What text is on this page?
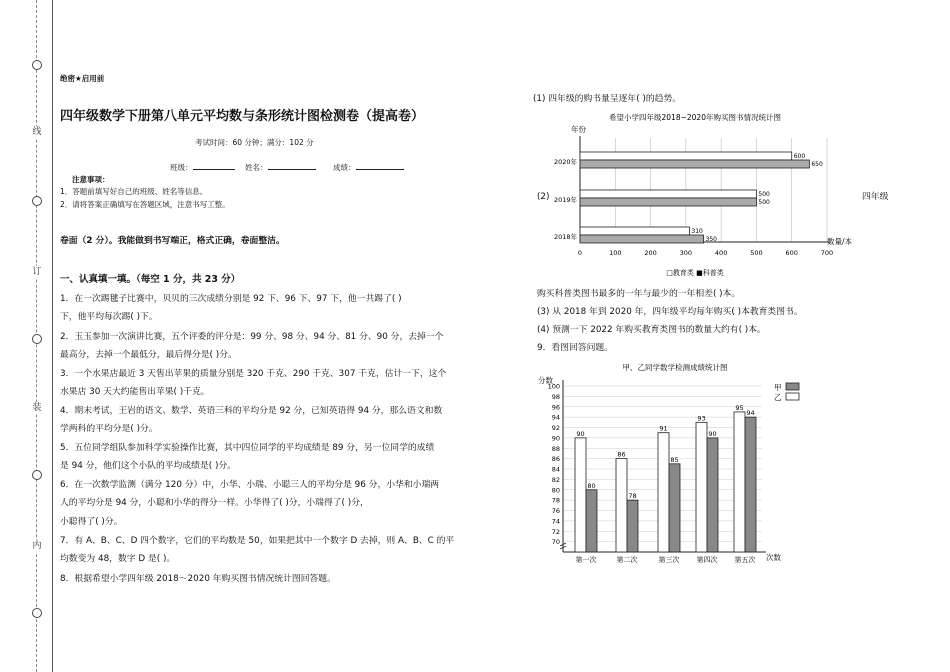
线
订
装
内
绝密★启用前
四年级数学下册第八单元平均数与条形统计图检测卷（提高卷）
考试时间：60 分钟；满分：102 分
班级：	姓名：	成绩：
注意事项：
1．答题前填写好自己的班级、姓名等信息。
2．请将答案正确填写在答题区域，注意书写工整。
卷面（2 分）。我能做到书写端正，格式正确，卷面整洁。
一、认真填一填。（每空 1 分，共 23 分）
1．在一次踢毽子比赛中，贝贝的三次成绩分别是 92 下、96 下、97 下，他一共踢了( )
下，他平均每次踢( )下。
2．玉玉参加一次演讲比赛，五个评委的评分是：99 分、98 分、94 分、81 分、90 分，去掉一个
最高分，去掉一个最低分，最后得分是( )分。
3．一个水果店最近 3 天售出苹果的质量分别是 320 千克、290 千克、307 千克，估计一下，这个
水果店 30 天大约能售出苹果( )千克。
4．期末考试，王岩的语文、数学、英语三科的平均分是 92 分，已知英语得 94 分，那么语文和数
学两科的平均分是( )分。
5．五位同学组队参加科学实验操作比赛，其中四位同学的平均成绩是 89 分，另一位同学的成绩
是 94 分，他们这个小队的平均成绩是( )分。
6．在一次数学监测（满分 120 分）中，小华、小瑞、小聪三人的平均分是 96 分，小华和小瑞两
人的平均分是 94 分，小聪和小华的得分一样。小华得了( )分，小瑞得了( )分，
小聪得了( )分。
7．有 A、B、C、D 四个数字，它们的平均数是 50，如果把其中一个数字 D 去掉，则 A、B、C 的平
均数变为 48，数字 D 是( )。
8．根据希望小学四年级 2018～2020 年购买图书情况统计图回答题。
(1) 四年级的购书量呈逐年( )的趋势。
希望小学四年级2018~2020年购买图书情况统计图
年份
0	100	200	300	400	500	600	700
数量/本
2020年
600
650
2019年
500
500
2018年
310
350
□教育类 ■科普类
(2)	四年级
购买科普类图书最多的一年与最少的一年相差( )本。
(3) 从 2018 年到 2020 年，四年级平均每年购买( )本教育类图书。
(4) 预测一下 2022 年购买教育类图书的数量大约有( )本。
9．看图回答问题。
甲、乙同学数学检测成绩统计图
分数
70
72
74
76
78
80
82
84
86
88
90
92
94
96
98
100
次数
90
80
第一次
86
78
第二次
91
85
第三次
93
90
第四次
95
94
第五次
甲
乙
